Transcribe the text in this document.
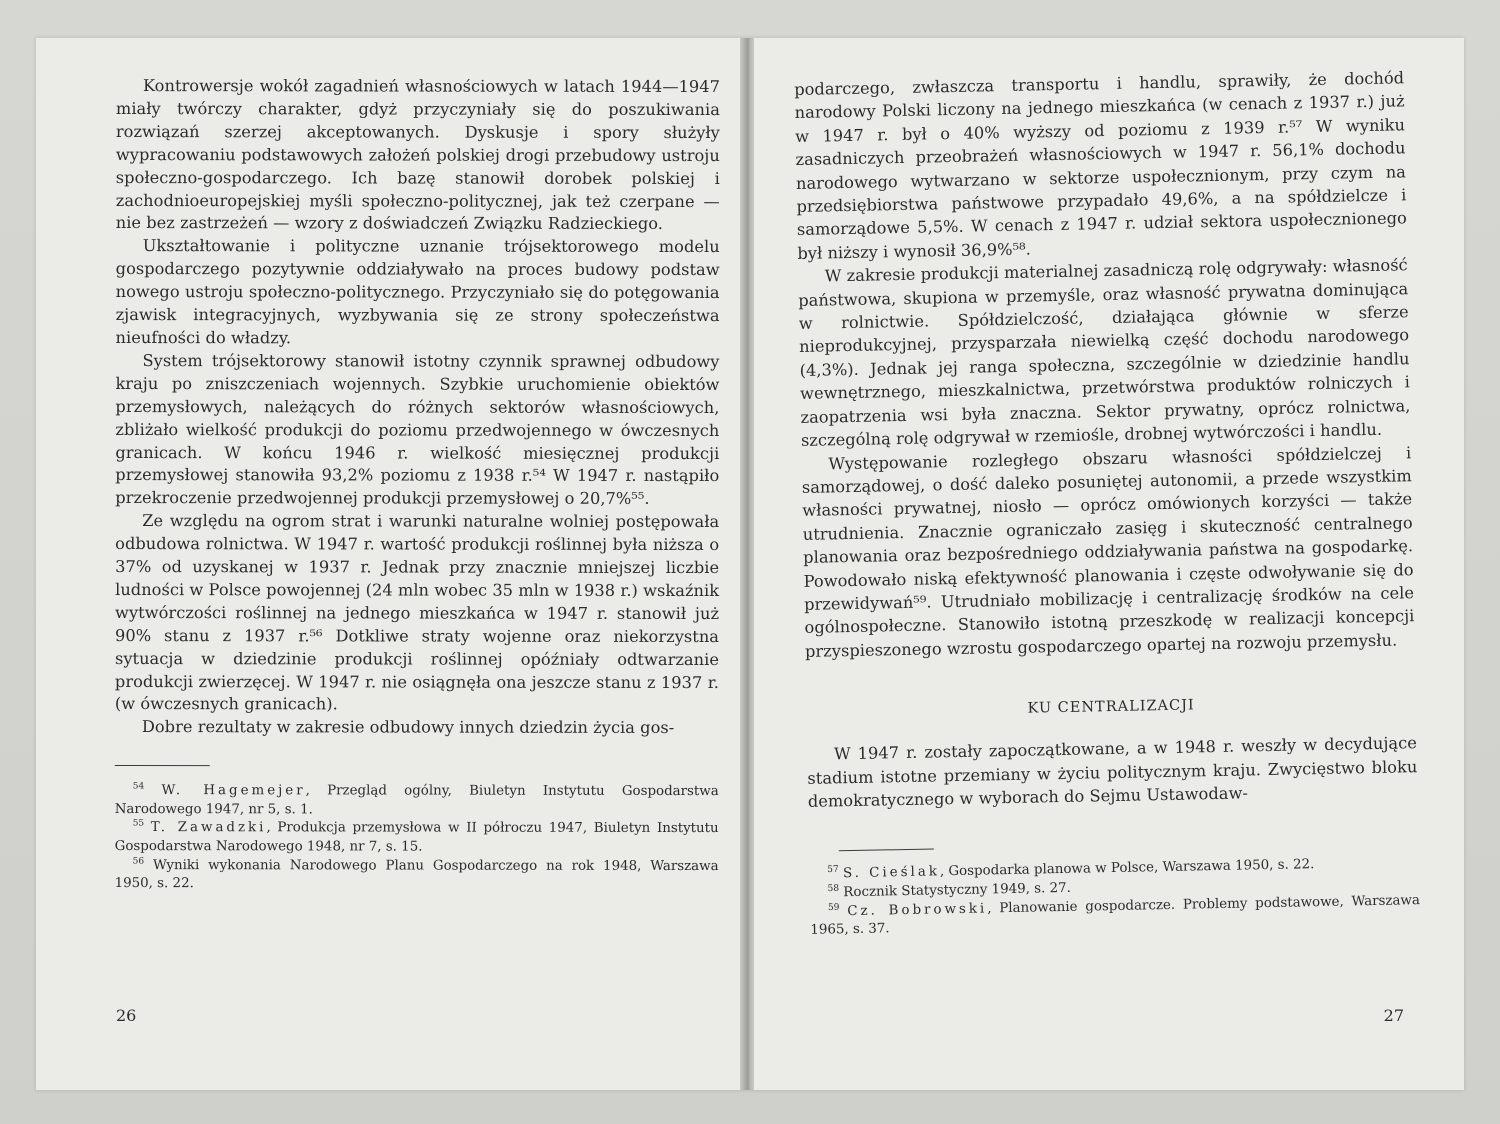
Kontrowersje wokół zagadnień własnościowych w latach 1944—1947 miały twórczy charakter, gdyż przyczyniały się do poszukiwania rozwiązań szerzej akceptowanych. Dyskusje i spory służyły wypracowaniu podstawowych założeń polskiej drogi przebudowy ustroju społeczno-gospodarczego. Ich bazę stanowił dorobek polskiej i zachodnioeuropejskiej myśli społeczno-politycznej, jak też czerpane — nie bez zastrzeżeń — wzory z doświadczeń Związku Radzieckiego.

Ukształtowanie i polityczne uznanie trójsektorowego modelu gospodarczego pozytywnie oddziaływało na proces budowy podstaw nowego ustroju społeczno-politycznego. Przyczyniało się do potęgowania zjawisk integracyjnych, wyzbywania się ze strony społeczeństwa nieufności do władzy.

System trójsektorowy stanowił istotny czynnik sprawnej odbudowy kraju po zniszczeniach wojennych. Szybkie uruchomienie obiektów przemysłowych, należących do różnych sektorów własnościowych, zbliżało wielkość produkcji do poziomu przedwojennego w ówczesnych granicach. W końcu 1946 r. wielkość miesięcznej produkcji przemysłowej stanowiła 93,2% poziomu z 1938 r.⁵⁴ W 1947 r. nastąpiło przekroczenie przedwojennej produkcji przemysłowej o 20,7%⁵⁵.

Ze względu na ogrom strat i warunki naturalne wolniej postępowała odbudowa rolnictwa. W 1947 r. wartość produkcji roślinnej była niższa o 37% od uzyskanej w 1937 r. Jednak przy znacznie mniejszej liczbie ludności w Polsce powojennej (24 mln wobec 35 mln w 1938 r.) wskaźnik wytwórczości roślinnej na jednego mieszkańca w 1947 r. stanowił już 90% stanu z 1937 r.⁵⁶ Dotkliwe straty wojenne oraz niekorzystna sytuacja w dziedzinie produkcji roślinnej opóźniały odtwarzanie produkcji zwierzęcej. W 1947 r. nie osiągnęła ona jeszcze stanu z 1937 r. (w ówczesnych granicach).

Dobre rezultaty w zakresie odbudowy innych dziedzin życia gos-

$^{54}$ W. Hagemejer, Przegląd ogólny, Biuletyn Instytutu Gospodarstwa Narodowego 1947, nr 5, s. 1.

$^{55}$ T. Zawadzki, Produkcja przemysłowa w II półroczu 1947, Biuletyn Instytutu Gospodarstwa Narodowego 1948, nr 7, s. 15.

$^{56}$ Wyniki wykonania Narodowego Planu Gospodarczego na rok 1948, Warszawa 1950, s. 22.

26

podarczego, zwłaszcza transportu i handlu, sprawiły, że dochód narodowy Polski liczony na jednego mieszkańca (w cenach z 1937 r.) już w 1947 r. był o 40% wyższy od poziomu z 1939 r.⁵⁷ W wyniku zasadniczych przeobrażeń własnościowych w 1947 r. 56,1% dochodu narodowego wytwarzano w sektorze uspołecznionym, przy czym na przedsiębiorstwa państwowe przypadało 49,6%, a na spółdzielcze i samorządowe 5,5%. W cenach z 1947 r. udział sektora uspołecznionego był niższy i wynosił 36,9%⁵⁸.

W zakresie produkcji materialnej zasadniczą rolę odgrywały: własność państwowa, skupiona w przemyśle, oraz własność prywatna dominująca w rolnictwie. Spółdzielczość, działająca głównie w sferze nieprodukcyjnej, przysparzała niewielką część dochodu narodowego (4,3%). Jednak jej ranga społeczna, szczególnie w dziedzinie handlu wewnętrznego, mieszkalnictwa, przetwórstwa produktów rolniczych i zaopatrzenia wsi była znaczna. Sektor prywatny, oprócz rolnictwa, szczególną rolę odgrywał w rzemiośle, drobnej wytwórczości i handlu.

Występowanie rozległego obszaru własności spółdzielczej i samorządowej, o dość daleko posuniętej autonomii, a przede wszystkim własności prywatnej, niosło — oprócz omówionych korzyści — także utrudnienia. Znacznie ograniczało zasięg i skuteczność centralnego planowania oraz bezpośredniego oddziaływania państwa na gospodarkę. Powodowało niską efektywność planowania i częste odwoływanie się do przewidywań⁵⁹. Utrudniało mobilizację i centralizację środków na cele ogólnospołeczne. Stanowiło istotną przeszkodę w realizacji koncepcji przyspieszonego wzrostu gospodarczego opartej na rozwoju przemysłu.

KU CENTRALIZACJI

W 1947 r. zostały zapoczątkowane, a w 1948 r. weszły w decydujące stadium istotne przemiany w życiu politycznym kraju. Zwycięstwo bloku demokratycznego w wyborach do Sejmu Ustawodaw-

$^{57}$ S. Cieślak, Gospodarka planowa w Polsce, Warszawa 1950, s. 22.

$^{58}$ Rocznik Statystyczny 1949, s. 27.

$^{59}$ Cz. Bobrowski, Planowanie gospodarcze. Problemy podstawowe, Warszawa 1965, s. 37.

27
